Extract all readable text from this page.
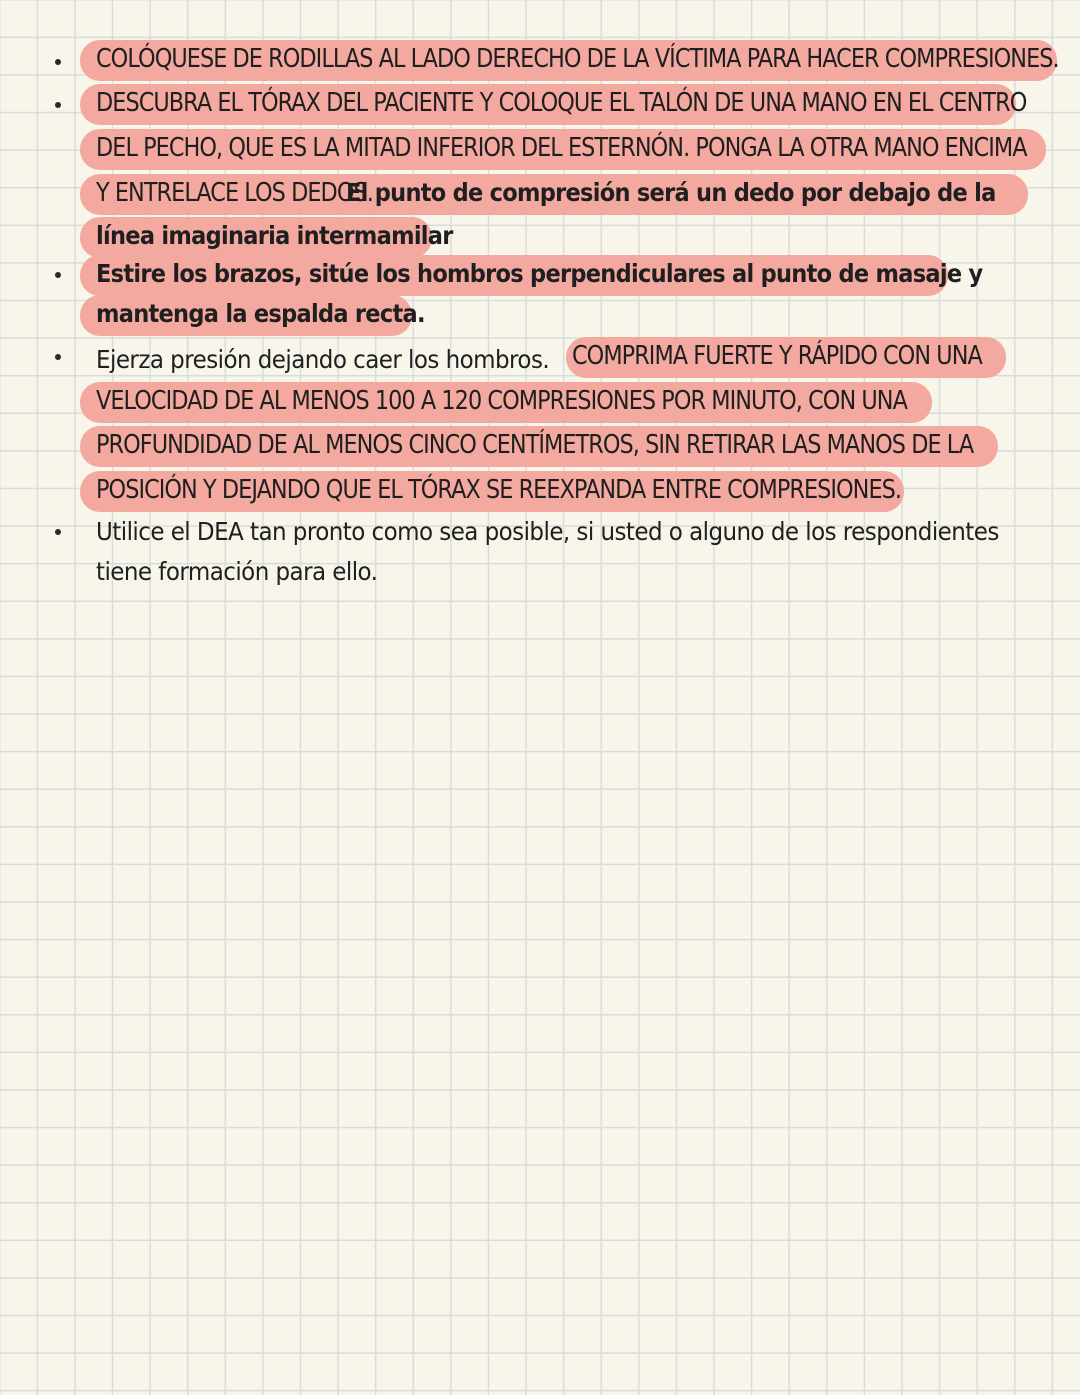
COLÓQUESE DE RODILLAS AL LADO DERECHO DE LA VÍCTIMA PARA HACER COMPRESIONES.
DESCUBRA EL TÓRAX DEL PACIENTE Y COLOQUE EL TALÓN DE UNA MANO EN EL CENTRO
DEL PECHO, QUE ES LA MITAD INFERIOR DEL ESTERNÓN. PONGA LA OTRA MANO ENCIMA
Y ENTRELACE LOS DEDOS.El punto de compresión será un dedo por debajo de la
línea imaginaria intermamilar
Estire los brazos, sitúe los hombros perpendiculares al punto de masaje y
mantenga la espalda recta.
Ejerza presión dejando caer los hombros. COMPRIMA FUERTE Y RÁPIDO CON UNA
VELOCIDAD DE AL MENOS 100 A 120 COMPRESIONES POR MINUTO, CON UNA
PROFUNDIDAD DE AL MENOS CINCO CENTÍMETROS, SIN RETIRAR LAS MANOS DE LA
POSICIÓN Y DEJANDO QUE EL TÓRAX SE REEXPANDA ENTRE COMPRESIONES.
Utilice el DEA tan pronto como sea posible, si usted o alguno de los respondientes
tiene formación para ello.
